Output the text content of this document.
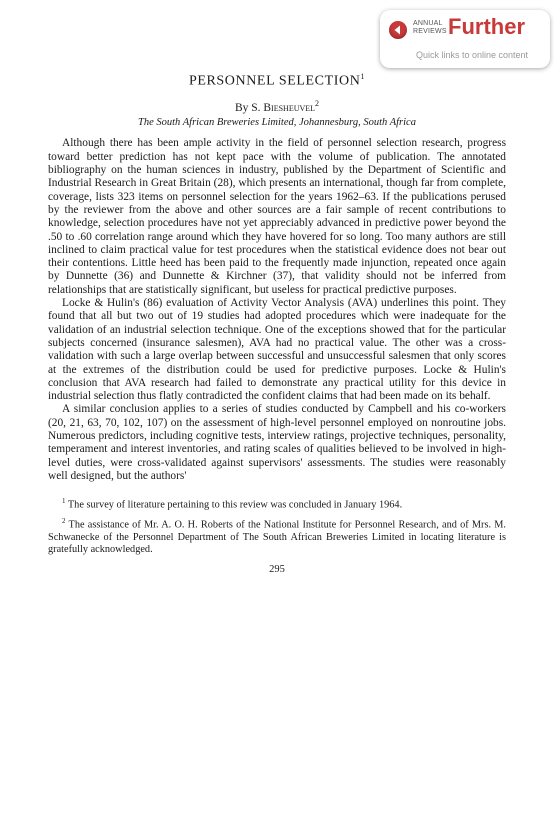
ANNUAL
REVIEWS Further
Quick links to online content
PERSONNEL SELECTION$^1$
By S. Biesheuvel$^2$
The South African Breweries Limited, Johannesburg, South Africa

Although there has been ample activity in the field of personnel selection research, progress toward better prediction has not kept pace with the volume of publication. The annotated bibliography on the human sciences in industry, published by the Department of Scientific and Industrial Research in Great Britain (28), which presents an international, though far from complete, coverage, lists 323 items on personnel selection for the years 1962–63. If the publications perused by the reviewer from the above and other sources are a fair sample of recent contributions to knowledge, selection procedures have not yet appreciably advanced in predictive power beyond the .50 to .60 correlation range around which they have hovered for so long. Too many authors are still inclined to claim practical value for test procedures when the statistical evidence does not bear out their contentions. Little heed has been paid to the frequently made injunction, repeated once again by Dunnette (36) and Dunnette & Kirchner (37), that validity should not be inferred from relationships that are statistically significant, but useless for practical predictive purposes.

Locke & Hulin's (86) evaluation of Activity Vector Analysis (AVA) underlines this point. They found that all but two out of 19 studies had adopted procedures which were inadequate for the validation of an industrial selection technique. One of the exceptions showed that for the particular subjects concerned (insurance salesmen), AVA had no practical value. The other was a cross-validation with such a large overlap between successful and unsuccessful salesmen that only scores at the extremes of the distribution could be used for predictive purposes. Locke & Hulin's conclusion that AVA research had failed to demonstrate any practical utility for this device in industrial selection thus flatly contradicted the confident claims that had been made on its behalf.

A similar conclusion applies to a series of studies conducted by Campbell and his co-workers (20, 21, 63, 70, 102, 107) on the assessment of high-level personnel employed on nonroutine jobs. Numerous predictors, including cognitive tests, interview ratings, projective techniques, personality, temperament and interest inventories, and rating scales of qualities believed to be involved in high-level duties, were cross-validated against supervisors' assessments. The studies were reasonably well designed, but the authors'

$^1$ The survey of literature pertaining to this review was concluded in January 1964.

$^2$ The assistance of Mr. A. O. H. Roberts of the National Institute for Personnel Research, and of Mrs. M. Schwanecke of the Personnel Department of The South African Breweries Limited in locating literature is gratefully acknowledged.

295
